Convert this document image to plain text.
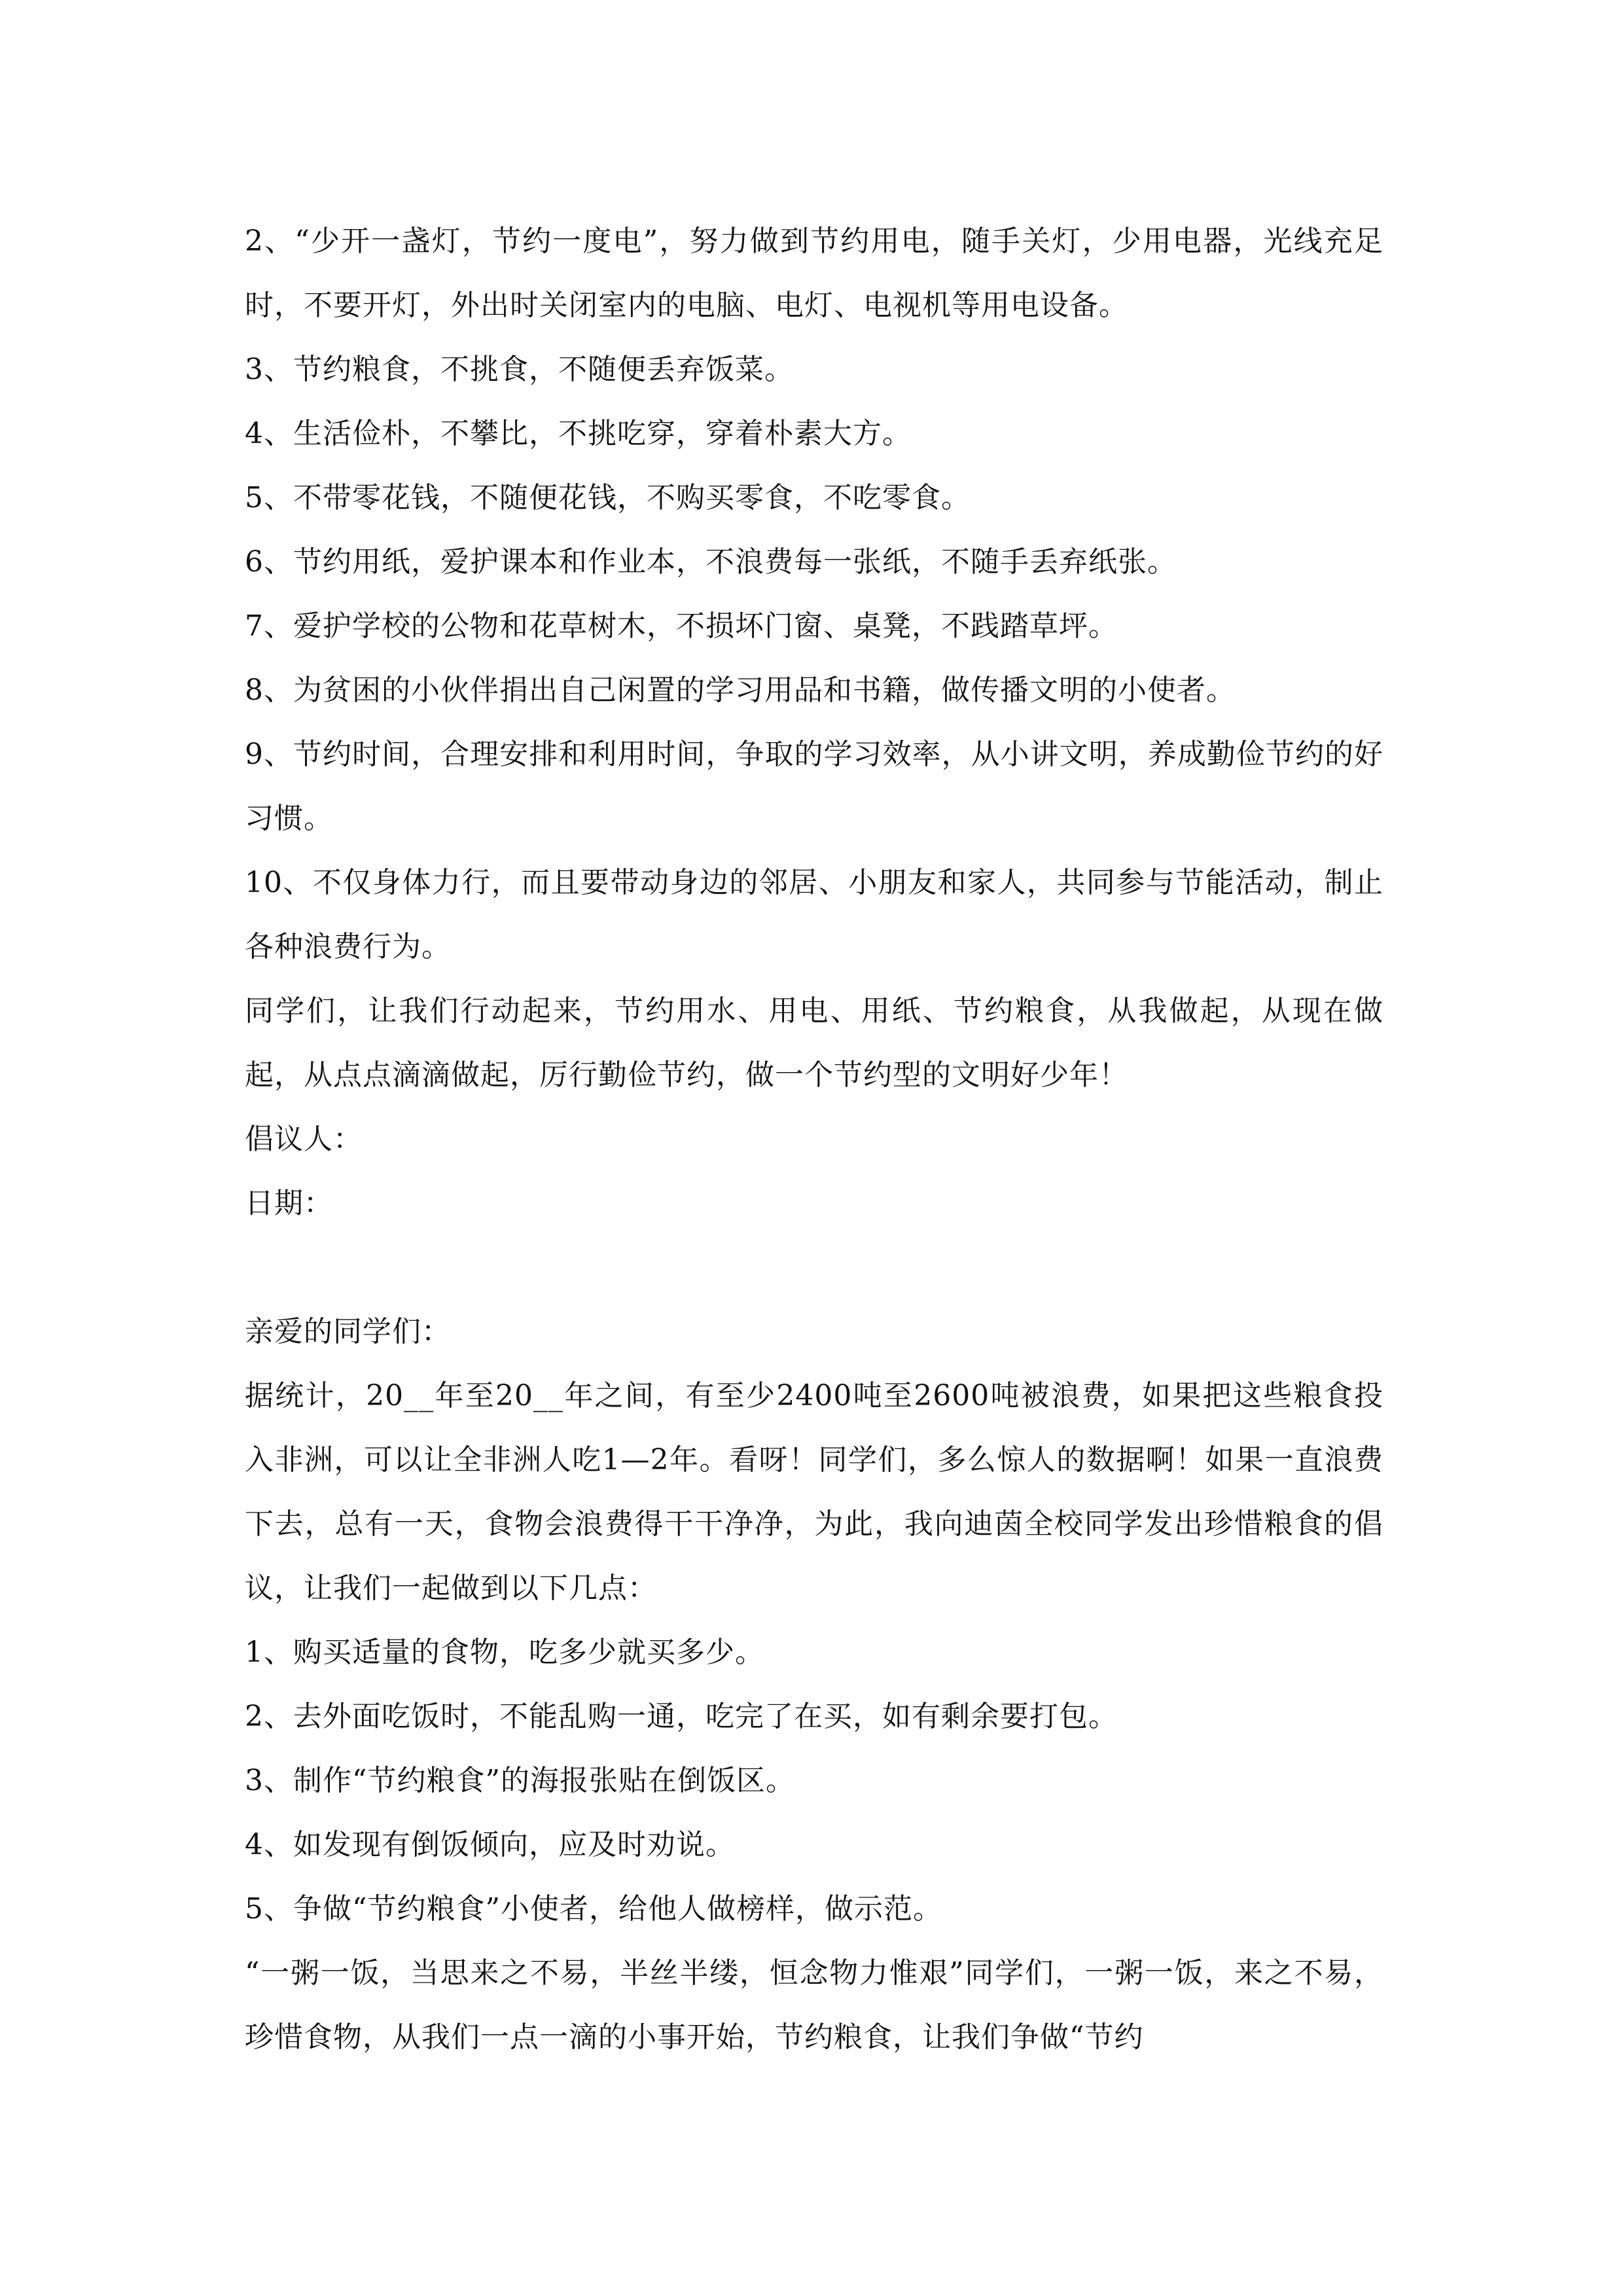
2、“少开一盏灯，节约一度电”，努力做到节约用电，随手关灯，少用电器，光线充足时，不要开灯，外出时关闭室内的电脑、电灯、电视机等用电设备。

3、节约粮食，不挑食，不随便丢弃饭菜。

4、生活俭朴，不攀比，不挑吃穿，穿着朴素大方。

5、不带零花钱，不随便花钱，不购买零食，不吃零食。

6、节约用纸，爱护课本和作业本，不浪费每一张纸，不随手丢弃纸张。

7、爱护学校的公物和花草树木，不损坏门窗、桌凳，不践踏草坪。

8、为贫困的小伙伴捐出自己闲置的学习用品和书籍，做传播文明的小使者。

9、节约时间，合理安排和利用时间，争取的学习效率，从小讲文明，养成勤俭节约的好习惯。

10、不仅身体力行，而且要带动身边的邻居、小朋友和家人，共同参与节能活动，制止各种浪费行为。

同学们，让我们行动起来，节约用水、用电、用纸、节约粮食，从我做起，从现在做起，从点点滴滴做起，厉行勤俭节约，做一个节约型的文明好少年！

倡议人：

日期：

亲爱的同学们：

据统计，20__年至20__年之间，有至少2400吨至2600吨被浪费，如果把这些粮食投入非洲，可以让全非洲人吃1—2年。看呀！同学们，多么惊人的数据啊！如果一直浪费下去，总有一天，食物会浪费得干干净净，为此，我向迪茵全校同学发出珍惜粮食的倡议，让我们一起做到以下几点：

1、购买适量的食物，吃多少就买多少。

2、去外面吃饭时，不能乱购一通，吃完了在买，如有剩余要打包。

3、制作“节约粮食”的海报张贴在倒饭区。

4、如发现有倒饭倾向，应及时劝说。

5、争做“节约粮食”小使者，给他人做榜样，做示范。

“一粥一饭，当思来之不易，半丝半缕，恒念物力惟艰”同学们，一粥一饭，来之不易，珍惜食物，从我们一点一滴的小事开始，节约粮食，让我们争做“节约
